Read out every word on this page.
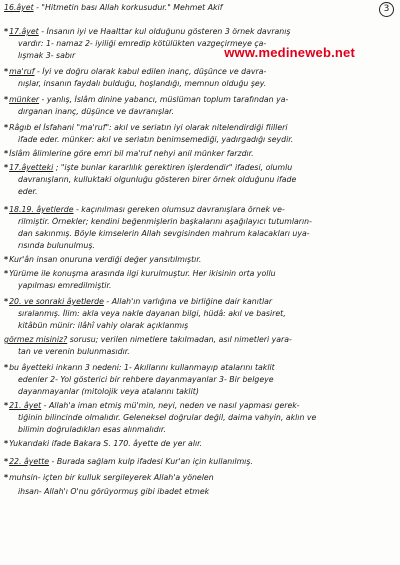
3
www.medineweb.net
16.âyet - "Hitmetin bası Allah korkusudur." Mehmet Akif
*17.âyet - İnsanın iyi ve Haalttar kul olduğunu gösteren 3 örnek davranış
vardır: 1- namaz 2- iyiliği emredip kötülükten vazgeçirmeye ça-
lışmak 3- sabır
*ma'ruf - İyi ve doğru olarak kabul edilen inanç, düşünce ve davra-
nışlar, insanın faydalı bulduğu, hoşlandığı, memnun olduğu şey.
*münker - yanlış, İslâm dinine yabancı, müslüman toplum tarafından ya-
dırganan inanç, düşünce ve davranışlar.
*Râgıb el İsfahani "ma'ruf": akıl ve seriatın iyi olarak nitelendirdiği fiilleri
ifade eder. münker: akıl ve seriatın benimsemediği, yadırgadığı seydir.
*İslâm âlimlerine göre emri bil ma'ruf nehyi anil münker farzdır.
*17.âyetteki ; "işte bunlar kararlılık gerektiren işlerdendir" ifadesi, olumlu
davranışların, kulluktaki olgunluğu gösteren birer örnek olduğunu ifade
eder.
*18.19. âyetlerde - kaçınılması gereken olumsuz davranışlara örnek ve-
rilmiştir. Örnekler; kendini beğenmişlerin başkalarını aşağılayıcı tutumların-
dan sakınmış. Böyle kimselerin Allah sevgisinden mahrum kalacakları uya-
rısında bulunulmuş.
*Kur'ân insan onuruna verdiği değer yansıtılmıştır.
*Yürüme ile konuşma arasında ilgi kurulmuştur. Her ikisinin orta yollu
yapılması emredilmiştir.
*20. ve sonraki âyetlerde - Allah'ın varlığına ve birliğine dair kanıtlar
sıralanmış. İlim: akla veya nakle dayanan bilgi, hüdâ: akıl ve basiret,
kitâbün münir: ilâhî vahiy olarak açıklanmış
görmez misiniz? sorusu; verilen nimetlere takılmadan, asıl nimetleri yara-
tan ve verenin bulunmasıdır.
*bu âyetteki inkarın 3 nedeni: 1- Akıllarını kullanmayıp atalarını taklit
edenler 2- Yol gösterici bir rehbere dayanmayanlar 3- Bir belgeye
dayanmayanlar (mitolojik veya atalarını taklit)
*21. âyet - Allah'a iman etmiş mü'min, neyi, neden ve nasıl yapması gerek-
tiğinin bilincinde olmalıdır. Geleneksel doğrular değil, daima vahyin, aklın ve
bilimin doğruladıkları esas alınmalıdır.
*Yukarıdaki ifade Bakara S. 170. âyette de yer alır.
*22. âyette - Burada sağlam kulp ifadesi Kur'an için kullanılmış.
*muhsin- içten bir kulluk sergileyerek Allah'a yönelen
ihsan- Allah'ı O'nu görüyormuş gibi ibadet etmek
